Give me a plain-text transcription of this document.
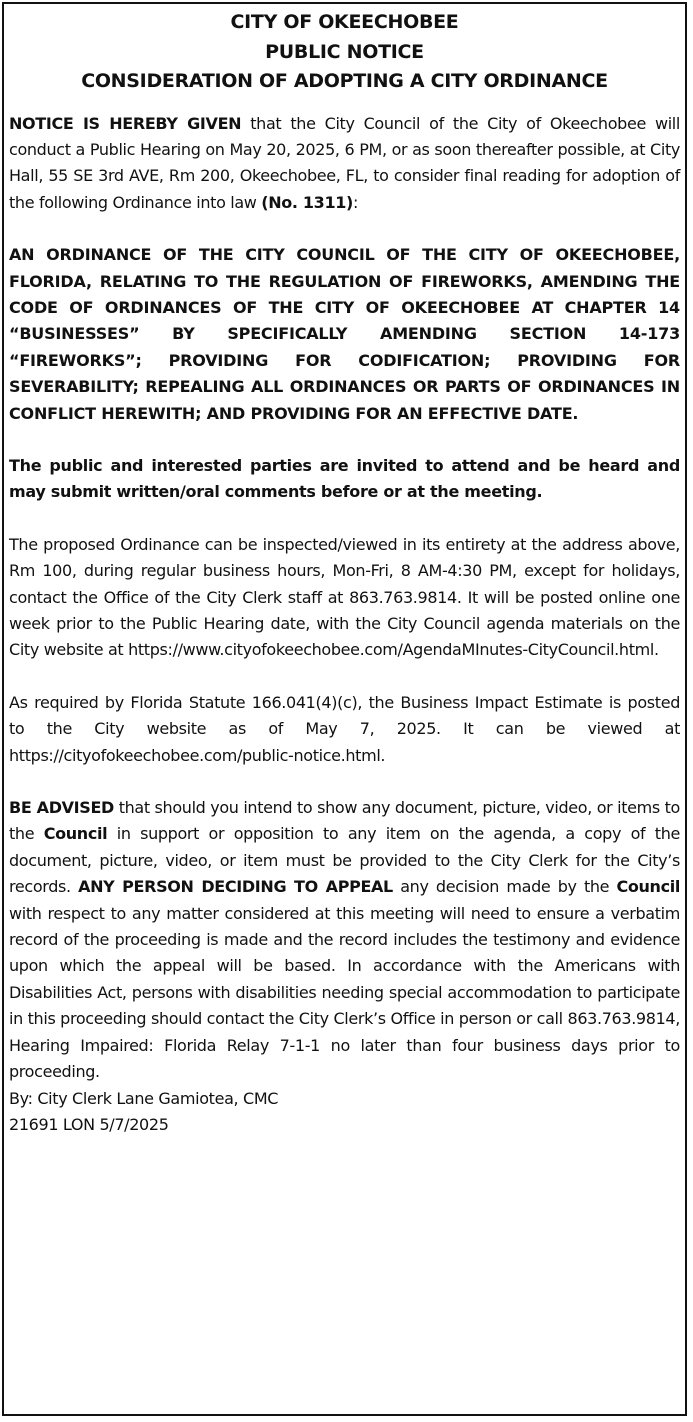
CITY OF OKEECHOBEE
PUBLIC NOTICE
CONSIDERATION OF ADOPTING A CITY ORDINANCE

NOTICE IS HEREBY GIVEN that the City Council of the City of Okeechobee will conduct a Public Hearing on May 20, 2025, 6 PM, or as soon thereafter possible, at City Hall, 55 SE 3rd AVE, Rm 200, Okeechobee, FL, to consider final reading for adoption of the following Ordinance into law (No. 1311):

AN ORDINANCE OF THE CITY COUNCIL OF THE CITY OF OKEECHOBEE, FLORIDA, RELATING TO THE REGULATION OF FIREWORKS, AMENDING THE CODE OF ORDINANCES OF THE CITY OF OKEECHOBEE AT CHAPTER 14 “BUSINESSES” BY SPECIFICALLY AMENDING SECTION 14-173 “FIREWORKS”; PROVIDING FOR CODIFICATION; PROVIDING FOR SEVERABILITY; REPEALING ALL ORDINANCES OR PARTS OF ORDINANCES IN CONFLICT HEREWITH; AND PROVIDING FOR AN EFFECTIVE DATE.

The public and interested parties are invited to attend and be heard and may submit written/oral comments before or at the meeting.

The proposed Ordinance can be inspected/viewed in its entirety at the address above, Rm 100, during regular business hours, Mon-Fri, 8 AM-4:30 PM, except for holidays, contact the Office of the City Clerk staff at 863.763.9814. It will be posted online one week prior to the Public Hearing date, with the City Council agenda materials on the City website at https://www.cityofokeechobee.com/AgendaMInutes-CityCouncil.html.

As required by Florida Statute 166.041(4)(c), the Business Impact Estimate is posted to the City website as of May 7, 2025. It can be viewed at https://cityofokeechobee.com/public-notice.html.

BE ADVISED that should you intend to show any document, picture, video, or items to the Council in support or opposition to any item on the agenda, a copy of the document, picture, video, or item must be provided to the City Clerk for the City’s records. ANY PERSON DECIDING TO APPEAL any decision made by the Council with respect to any matter considered at this meeting will need to ensure a verbatim record of the proceeding is made and the record includes the testimony and evidence upon which the appeal will be based. In accordance with the Americans with Disabilities Act, persons with disabilities needing special accommodation to participate in this proceeding should contact the City Clerk’s Office in person or call 863.763.9814, Hearing Impaired: Florida Relay 7-1-1 no later than four business days prior to proceeding.

By: City Clerk Lane Gamiotea, CMC
21691 LON 5/7/2025
